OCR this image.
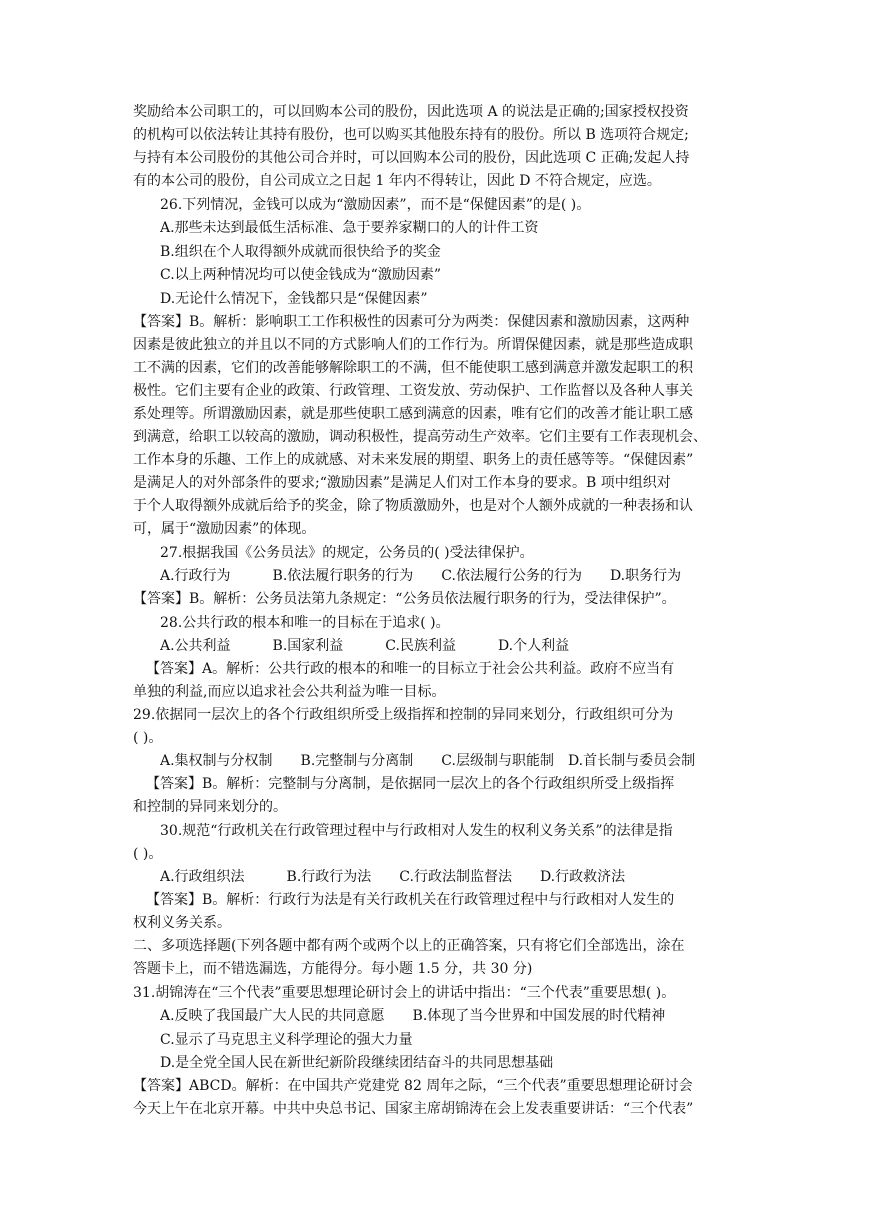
奖励给本公司职工的，可以回购本公司的股份，因此选项 A 的说法是正确的;国家授权投资
的机构可以依法转让其持有股份，也可以购买其他股东持有的股份。所以 B 选项符合规定;
与持有本公司股份的其他公司合并时，可以回购本公司的股份，因此选项 C 正确;发起人持
有的本公司的股份，自公司成立之日起 1 年内不得转让，因此 D 不符合规定，应选。
26.下列情况，金钱可以成为“激励因素”，而不是“保健因素”的是( )。
A.那些未达到最低生活标准、急于要养家糊口的人的计件工资
B.组织在个人取得额外成就而很快给予的奖金
C.以上两种情况均可以使金钱成为“激励因素”
D.无论什么情况下，金钱都只是“保健因素”
【答案】B。解析：影响职工工作积极性的因素可分为两类：保健因素和激励因素，这两种
因素是彼此独立的并且以不同的方式影响人们的工作行为。所谓保健因素，就是那些造成职
工不满的因素，它们的改善能够解除职工的不满，但不能使职工感到满意并激发起职工的积
极性。它们主要有企业的政策、行政管理、工资发放、劳动保护、工作监督以及各种人事关
系处理等。所谓激励因素，就是那些使职工感到满意的因素，唯有它们的改善才能让职工感
到满意，给职工以较高的激励，调动积极性，提高劳动生产效率。它们主要有工作表现机会、
工作本身的乐趣、工作上的成就感、对未来发展的期望、职务上的责任感等等。“保健因素”
是满足人的对外部条件的要求;“激励因素”是满足人们对工作本身的要求。B 项中组织对
于个人取得额外成就后给予的奖金，除了物质激励外，也是对个人额外成就的一种表扬和认
可，属于“激励因素”的体现。
27.根据我国《公务员法》的规定，公务员的( )受法律保护。
A.行政行为　　　B.依法履行职务的行为　　C.依法履行公务的行为　　D.职务行为
【答案】B。解析：公务员法第九条规定：“公务员依法履行职务的行为，受法律保护”。
28.公共行政的根本和唯一的目标在于追求( )。
A.公共利益　　　B.国家利益　　　C.民族利益　　　D.个人利益
【答案】A。解析：公共行政的根本的和唯一的目标立于社会公共利益。政府不应当有
单独的利益,而应以追求社会公共利益为唯一目标。
29.依据同一层次上的各个行政组织所受上级指挥和控制的异同来划分，行政组织可分为
( )。
A.集权制与分权制　　B.完整制与分离制　　C.层级制与职能制　D.首长制与委员会制
【答案】B。解析：完整制与分离制，是依据同一层次上的各个行政组织所受上级指挥
和控制的异同来划分的。
30.规范“行政机关在行政管理过程中与行政相对人发生的权利义务关系”的法律是指
( )。
A.行政组织法　　　B.行政行为法　　C.行政法制监督法　　D.行政救济法
【答案】B。解析：行政行为法是有关行政机关在行政管理过程中与行政相对人发生的
权利义务关系。
二、多项选择题(下列各题中都有两个或两个以上的正确答案，只有将它们全部选出，涂在
答题卡上，而不错选漏选，方能得分。每小题 1.5 分，共 30 分)
31.胡锦涛在“三个代表”重要思想理论研讨会上的讲话中指出：“三个代表”重要思想( )。
A.反映了我国最广大人民的共同意愿　　B.体现了当今世界和中国发展的时代精神
C.显示了马克思主义科学理论的强大力量
D.是全党全国人民在新世纪新阶段继续团结奋斗的共同思想基础
【答案】ABCD。解析：在中国共产党建党 82 周年之际，“三个代表”重要思想理论研讨会
今天上午在北京开幕。中共中央总书记、国家主席胡锦涛在会上发表重要讲话：“三个代表”
